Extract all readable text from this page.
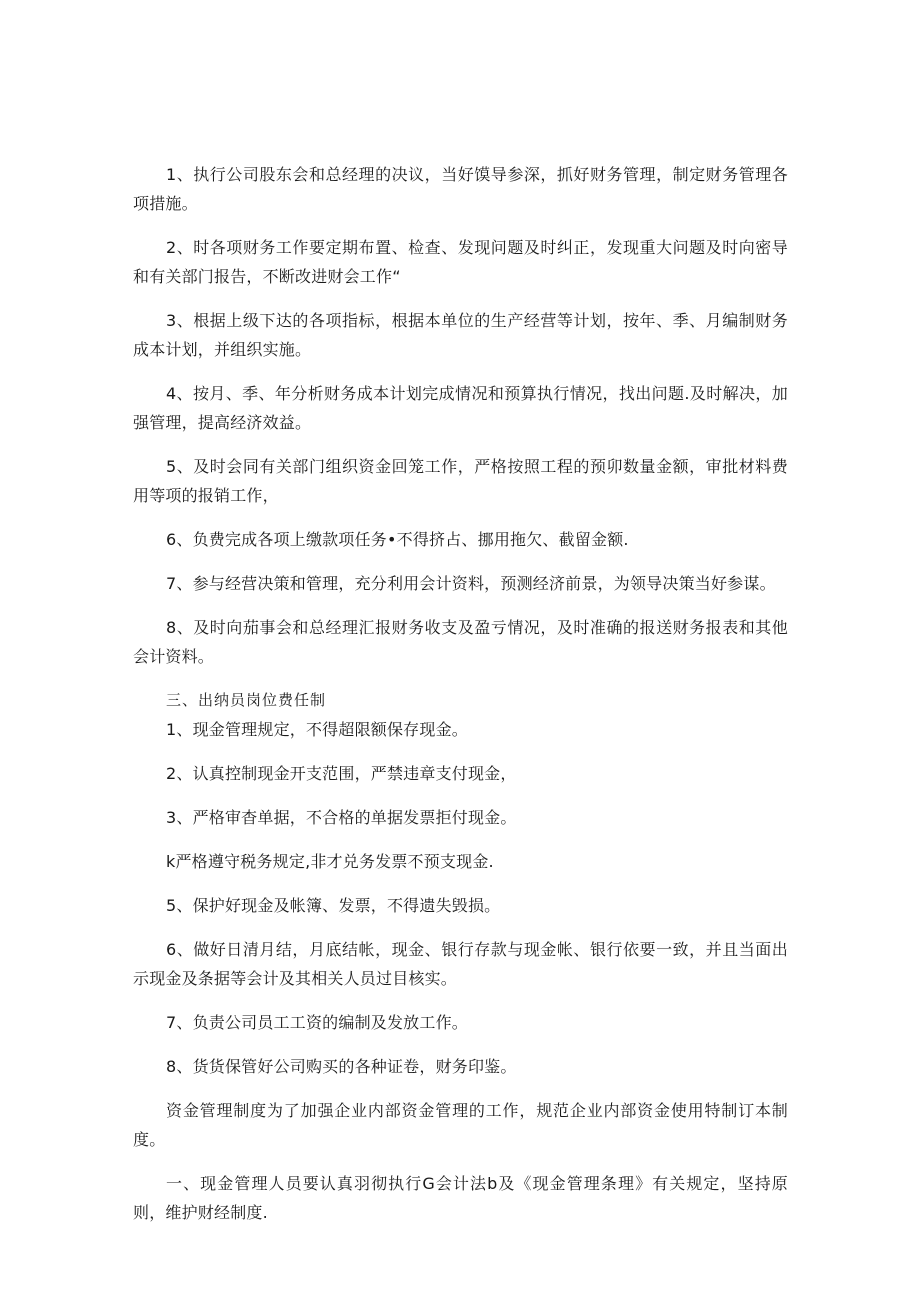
1、执行公司股东会和总经理的决议，当好馍导参深，抓好财务管理，制定财务管理各项措施。

2、时各项财务工作要定期布置、检查、发现问题及时纠正，发现重大问题及时向密导和有关部门报告，不断改进财会工作“

3、根据上级下达的各项指标，根据本单位的生产经营等计划，按年、季、月编制财务成本计划，并组织实施。

4、按月、季、年分析财务成本计划完成情况和预算执行情况，找出问题.及时解决，加强管理，提高经济效益。

5、及时会同有关部门组织资金回笼工作，严格按照工程的预卯数量金额，审批材料费用等项的报销工作，

6、负费完成各项上缴款项任务•不得挤占、挪用拖欠、截留金额.

7、参与经营决策和管理，充分利用会计资料，预测经济前景，为领导决策当好参谋。

8、及时向茄事会和总经理汇报财务收支及盈亏情况，及时准确的报送财务报表和其他会计资料。

三、出纳员岗位费任制

1、现金管理规定，不得超限额保存现金。

2、认真控制现金开支范围，严禁违章支付现金，

3、严格审杳单据，不合格的单据发票拒付现金。

k严格遵守税务规定,非才兑务发票不预支现金.

5、保护好现金及帐簿、发票，不得遗失毁损。

6、做好日清月结，月底结帐，现金、银行存款与现金帐、银行依要一致，并且当面出示现金及条据等会计及其相关人员过目核实。

7、负责公司员工工资的编制及发放工作。

8、货货保管好公司购买的各种证卷，财务印鉴。

资金管理制度为了加强企业内部资金管理的工作，规范企业内部资金使用特制订本制度。

一、现金管理人员要认真羽彻执行G会计法b及《现金管理条理》有关规定，坚持原则，维护财经制度.
